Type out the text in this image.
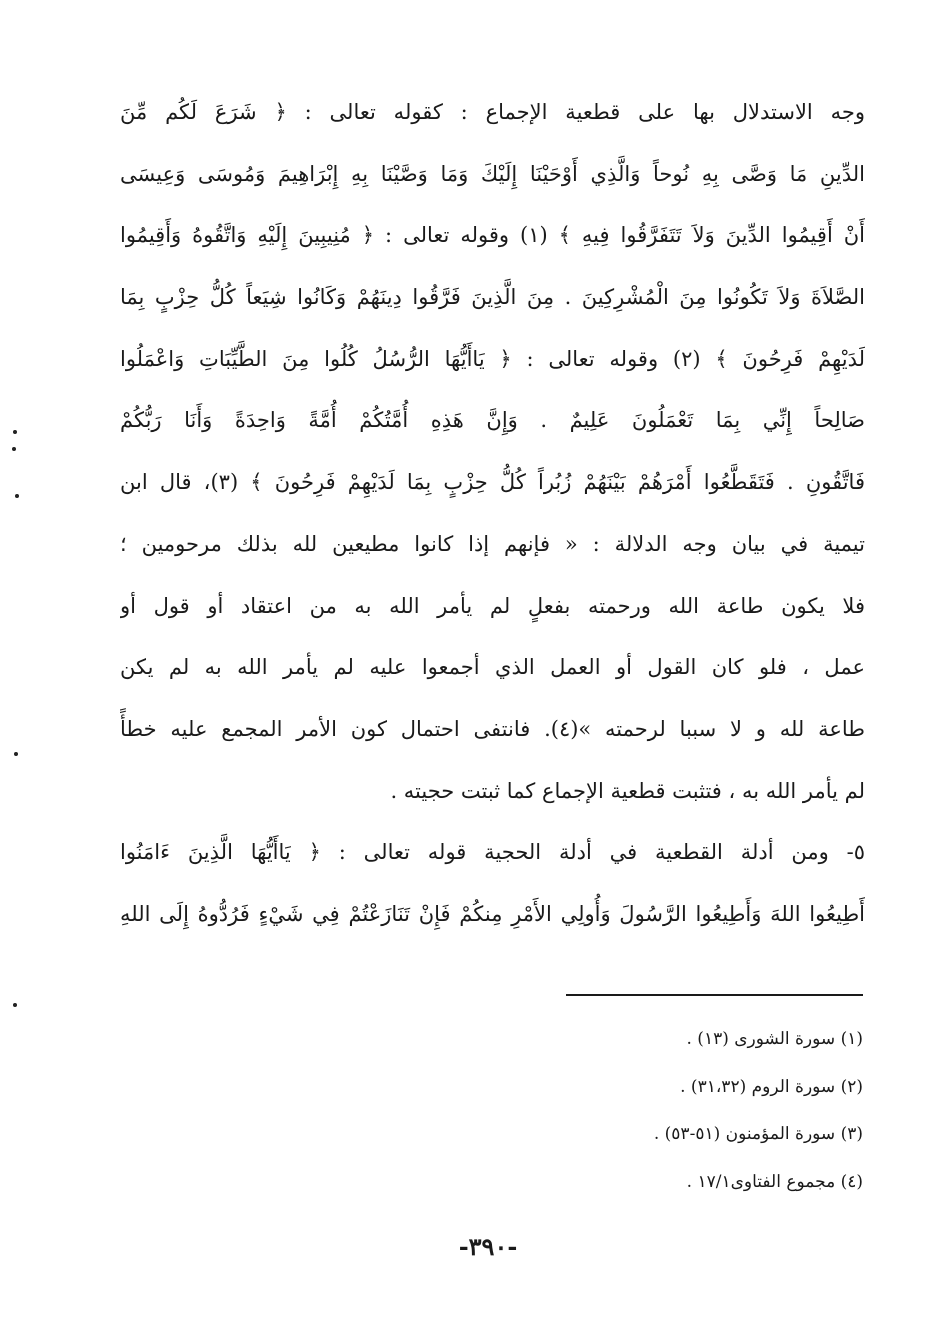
وجه الاستدلال بها على قطعية الإجماع : كقوله تعالى : ﴿ شَرَعَ لَكُم مِّنَ
الدِّينِ مَا وَصَّى بِهِ نُوحاً وَالَّذِي أَوْحَيْنَا إِلَيْكَ وَمَا وَصَّيْنَا بِهِ إِبْرَاهِيمَ وَمُوسَى وَعِيسَى
أَنْ أَقِيمُوا الدِّينَ وَلاَ تَتَفَرَّقُوا فِيهِ ﴾ (١) وقوله تعالى : ﴿ مُنِيبِينَ إِلَيْهِ وَاتَّقُوهُ وَأَقِيمُوا
الصَّلاَةَ وَلاَ تَكُونُوا مِنَ الْمُشْرِكِينَ . مِنَ الَّذِينَ فَرَّقُوا دِينَهُمْ وَكَانُوا شِيَعاً كُلُّ حِزْبٍ بِمَا
لَدَيْهِمْ فَرِحُونَ ﴾ (٢) وقوله تعالى : ﴿ يَاأَيُّهَا الرُّسُلُ كُلُوا مِنَ الطَّيِّبَاتِ وَاعْمَلُوا
صَالِحاً إِنِّي بِمَا تَعْمَلُونَ عَلِيمٌ . وَإِنَّ هَذِهِ أُمَّتُكُمْ أُمَّةً وَاحِدَةً وَأَنَا رَبُّكُمْ
فَاتَّقُونِ . فَتَقَطَّعُوا أَمْرَهُمْ بَيْنَهُمْ زُبُراً كُلُّ حِزْبٍ بِمَا لَدَيْهِمْ فَرِحُونَ ﴾ (٣)، قال ابن
تيمية في بيان وجه الدلالة : « فإنهم إذا كانوا مطيعين لله بذلك مرحومين ؛
فلا يكون طاعة الله ورحمته بفعلٍ لم يأمر الله به من اعتقاد أو قول أو
عمل ، فلو كان القول أو العمل الذي أجمعوا عليه لم يأمر الله به لم يكن
طاعة لله و لا سببا لرحمته »(٤). فانتفى احتمال كون الأمر المجمع عليه خطأً
لم يأمر الله به ، فتثبت قطعية الإجماع كما ثبتت حجيته .
٥- ومن أدلة القطعية في أدلة الحجية قوله تعالى : ﴿ يَاأَيُّهَا الَّذِينَ ءَامَنُوا
أَطِيعُوا اللهَ وَأَطِيعُوا الرَّسُولَ وَأُولِي الأَمْرِ مِنكُمْ فَإِنْ تَنَازَعْتُمْ فِي شَيْءٍ فَرُدُّوهُ إِلَى اللهِ
(١) سورة الشورى (١٣) .
(٢) سورة الروم (٣١،٣٢) .
(٣) سورة المؤمنون (٥١-٥٣) .
(٤) مجموع الفتاوى١٧/١ .
-٣٩٠-
